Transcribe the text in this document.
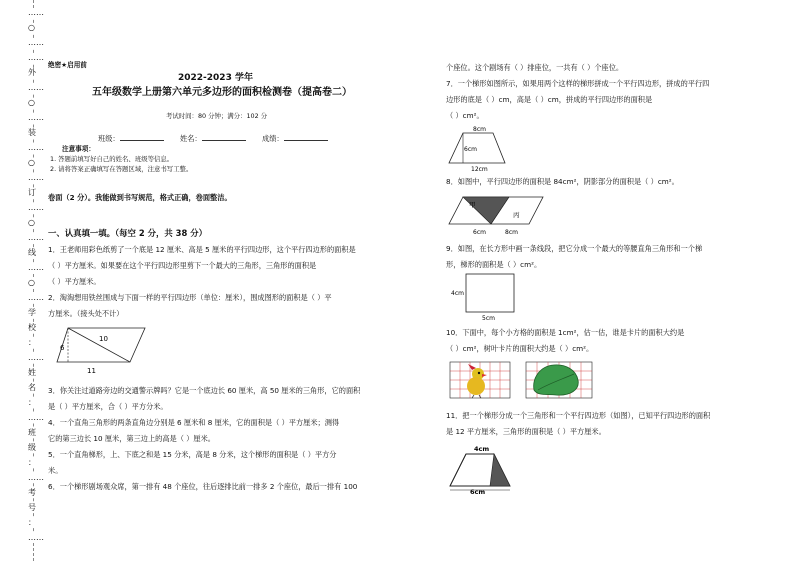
……
○
……
……
外
……
○
……
装
……
○
……
订
……
○
……
线
……
○
……
学
校
：
……
姓
名
：
……
班
级
：
……
考
号
：
……
绝密★启用前
2022-2023 学年
五年级数学上册第六单元多边形的面积检测卷（提高卷二）
考试时间：80 分钟；满分：102 分
班级：	姓名：	成绩：
注意事项：
1. 答题前填写好自己的姓名、班级等信息。
2. 请将答案正确填写在答题区域，注意书写工整。
卷面（2 分）。我能做到书写规范，格式正确，卷面整洁。
一、认真填一填。（每空 2 分，共 38 分）
1．王老师用彩色纸剪了一个底是 12 厘米、高是 5 厘米的平行四边形，这个平行四边形的面积是
（ ）平方厘米。如果要在这个平行四边形里剪下一个最大的三角形，三角形的面积是
（ ）平方厘米。
2．淘淘想用铁丝围成与下面一样的平行四边形（单位：厘米），围成图形的面积是（ ）平
方厘米。（接头处不计）
10
6
11
3．你关注过道路旁边的交通警示牌吗？它是一个底边长 60 厘米，高 50 厘米的三角形，它的面积
是（ ）平方厘米，合（ ）平方分米。
4．一个直角三角形的两条直角边分别是 6 厘米和 8 厘米，它的面积是（ ）平方厘米；测得
它的第三边长 10 厘米，第三边上的高是（ ）厘米。
5．一个直角梯形，上、下底之和是 15 分米，高是 8 分米，这个梯形的面积是（ ）平方分
米。
6．一个梯形剧场观众席，第一排有 48 个座位，往后逐排比前一排多 2 个座位，最后一排有 100
个座位。这个剧场有（ ）排座位，一共有（ ）个座位。
7．一个梯形如图所示，如果用两个这样的梯形拼成一个平行四边形，拼成的平行四
边形的底是（ ）cm，高是（ ）cm，拼成的平行四边形的面积是
（ ）cm²。
8cm
6cm
12cm
8．如图中，平行四边形的面积是 84cm²，阴影部分的面积是（ ）cm²。
甲
丙
6cm	8cm
9．如图，在长方形中画一条线段，把它分成一个最大的等腰直角三角形和一个梯
形，梯形的面积是（ ）cm²。
4cm
5cm
10．下面中，每个小方格的面积是 1cm²，估一估，谁是卡片的面积大约是
（ ）cm²，树叶卡片的面积大约是（ ）cm²。
11．把一个梯形分成一个三角形和一个平行四边形（如图），已知平行四边形的面积
是 12 平方厘米，三角形的面积是（ ）平方厘米。
4cm
6cm
